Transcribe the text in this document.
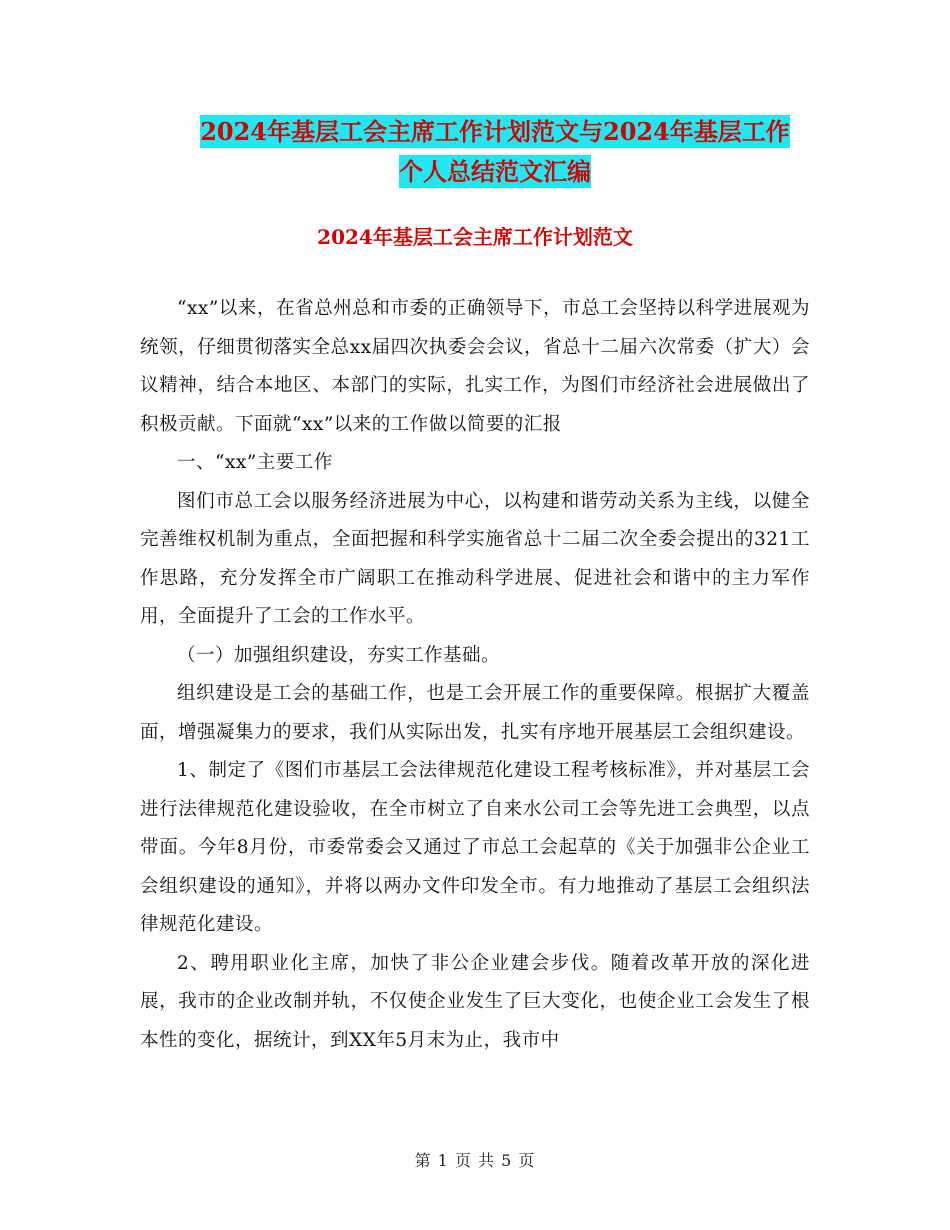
2024年基层工会主席工作计划范文与2024年基层工作
个人总结范文汇编
2024年基层工会主席工作计划范文

“xx”以来，在省总州总和市委的正确领导下，市总工会坚持以科学进展观为统领，仔细贯彻落实全总xx届四次执委会会议，省总十二届六次常委（扩大）会议精神，结合本地区、本部门的实际，扎实工作，为图们市经济社会进展做出了积极贡献。下面就“xx”以来的工作做以简要的汇报

一、“xx”主要工作

图们市总工会以服务经济进展为中心，以构建和谐劳动关系为主线，以健全完善维权机制为重点，全面把握和科学实施省总十二届二次全委会提出的321工作思路，充分发挥全市广阔职工在推动科学进展、促进社会和谐中的主力军作用，全面提升了工会的工作水平。

（一）加强组织建设，夯实工作基础。

组织建设是工会的基础工作，也是工会开展工作的重要保障。根据扩大覆盖面，增强凝集力的要求，我们从实际出发，扎实有序地开展基层工会组织建设。

1、制定了《图们市基层工会法律规范化建设工程考核标准》，并对基层工会进行法律规范化建设验收，在全市树立了自来水公司工会等先进工会典型，以点带面。今年8月份，市委常委会又通过了市总工会起草的《关于加强非公企业工会组织建设的通知》，并将以两办文件印发全市。有力地推动了基层工会组织法律规范化建设。

2、聘用职业化主席，加快了非公企业建会步伐。随着改革开放的深化进展，我市的企业改制并轨，不仅使企业发生了巨大变化，也使企业工会发生了根本性的变化，据统计，到XX年5月末为止，我市中

第 1 页 共 5 页
